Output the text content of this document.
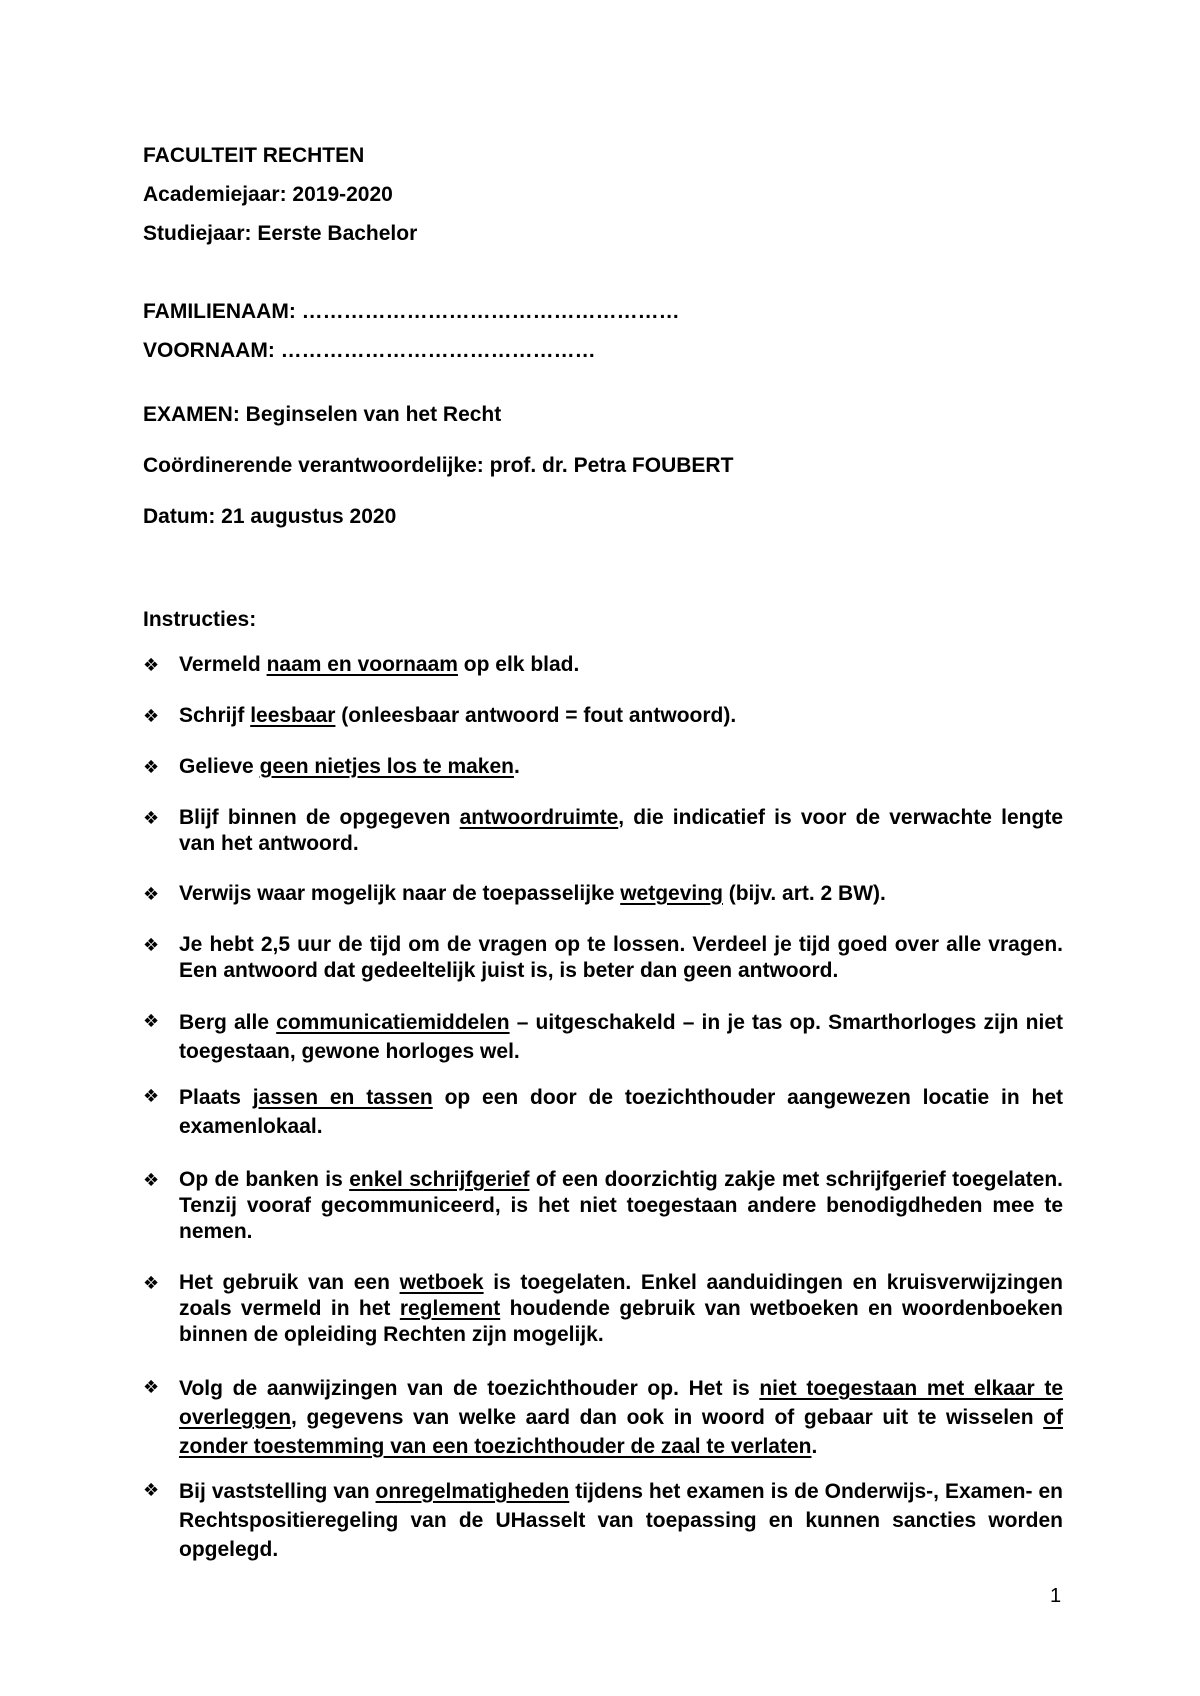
FACULTEIT RECHTEN
Academiejaar: 2019-2020
Studiejaar: Eerste Bachelor
FAMILIENAAM: ………………………………………………
VOORNAAM: ………………………………………
EXAMEN: Beginselen van het Recht
Coördinerende verantwoordelijke: prof. dr. Petra FOUBERT
Datum: 21 augustus 2020
Instructies:
❖ Vermeld naam en voornaam op elk blad.
❖ Schrijf leesbaar (onleesbaar antwoord = fout antwoord).
❖ Gelieve geen nietjes los te maken.
❖ Blijf binnen de opgegeven antwoordruimte, die indicatief is voor de verwachte lengte van het antwoord.
❖ Verwijs waar mogelijk naar de toepasselijke wetgeving (bijv. art. 2 BW).
❖ Je hebt 2,5 uur de tijd om de vragen op te lossen. Verdeel je tijd goed over alle vragen. Een antwoord dat gedeeltelijk juist is, is beter dan geen antwoord.
❖ Berg alle communicatiemiddelen – uitgeschakeld – in je tas op. Smarthorloges zijn niet toegestaan, gewone horloges wel.
❖ Plaats jassen en tassen op een door de toezichthouder aangewezen locatie in het examenlokaal.
❖ Op de banken is enkel schrijfgerief of een doorzichtig zakje met schrijfgerief toegelaten. Tenzij vooraf gecommuniceerd, is het niet toegestaan andere benodigdheden mee te nemen.
❖ Het gebruik van een wetboek is toegelaten. Enkel aanduidingen en kruisverwijzingen zoals vermeld in het reglement houdende gebruik van wetboeken en woordenboeken binnen de opleiding Rechten zijn mogelijk.
❖ Volg de aanwijzingen van de toezichthouder op. Het is niet toegestaan met elkaar te overleggen, gegevens van welke aard dan ook in woord of gebaar uit te wisselen of zonder toestemming van een toezichthouder de zaal te verlaten.
❖ Bij vaststelling van onregelmatigheden tijdens het examen is de Onderwijs-, Examen- en Rechtspositieregeling van de UHasselt van toepassing en kunnen sancties worden opgelegd.
1
